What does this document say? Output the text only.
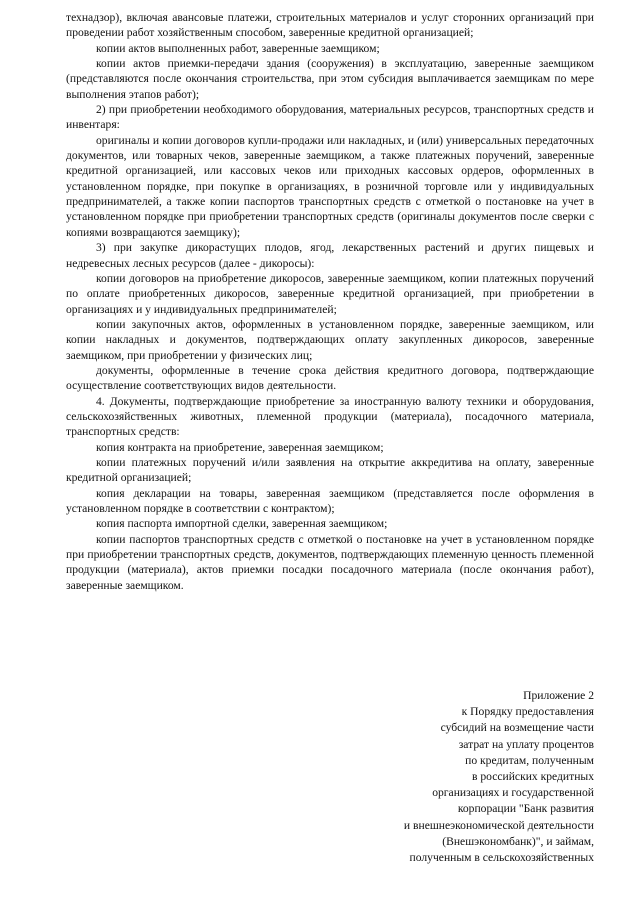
технадзор), включая авансовые платежи, строительных материалов и услуг сторонних организаций при проведении работ хозяйственным способом, заверенные кредитной организацией;

копии актов выполненных работ, заверенные заемщиком;

копии актов приемки-передачи здания (сооружения) в эксплуатацию, заверенные заемщиком (представляются после окончания строительства, при этом субсидия выплачивается заемщикам по мере выполнения этапов работ);

2) при приобретении необходимого оборудования, материальных ресурсов, транспортных средств и инвентаря:

оригиналы и копии договоров купли-продажи или накладных, и (или) универсальных передаточных документов, или товарных чеков, заверенные заемщиком, а также платежных поручений, заверенные кредитной организацией, или кассовых чеков или приходных кассовых ордеров, оформленных в установленном порядке, при покупке в организациях, в розничной торговле или у индивидуальных предпринимателей, а также копии паспортов транспортных средств с отметкой о постановке на учет в установленном порядке при приобретении транспортных средств (оригиналы документов после сверки с копиями возвращаются заемщику);

3) при закупке дикорастущих плодов, ягод, лекарственных растений и других пищевых и недревесных лесных ресурсов (далее - дикоросы):

копии договоров на приобретение дикоросов, заверенные заемщиком, копии платежных поручений по оплате приобретенных дикоросов, заверенные кредитной организацией, при приобретении в организациях и у индивидуальных предпринимателей;

копии закупочных актов, оформленных в установленном порядке, заверенные заемщиком, или копии накладных и документов, подтверждающих оплату закупленных дикоросов, заверенные заемщиком, при приобретении у физических лиц;

документы, оформленные в течение срока действия кредитного договора, подтверждающие осуществление соответствующих видов деятельности.

4. Документы, подтверждающие приобретение за иностранную валюту техники и оборудования, сельскохозяйственных животных, племенной продукции (материала), посадочного материала, транспортных средств:

копия контракта на приобретение, заверенная заемщиком;

копии платежных поручений и/или заявления на открытие аккредитива на оплату, заверенные кредитной организацией;

копия декларации на товары, заверенная заемщиком (представляется после оформления в установленном порядке в соответствии с контрактом);

копия паспорта импортной сделки, заверенная заемщиком;

копии паспортов транспортных средств с отметкой о постановке на учет в установленном порядке при приобретении транспортных средств, документов, подтверждающих племенную ценность племенной продукции (материала), актов приемки посадки посадочного материала (после окончания работ), заверенные заемщиком.

Приложение 2
к Порядку предоставления
субсидий на возмещение части
затрат на уплату процентов
по кредитам, полученным
в российских кредитных
организациях и государственной
корпорации "Банк развития
и внешнеэкономической деятельности
(Внешэкономбанк)", и займам,
полученным в сельскохозяйственных
